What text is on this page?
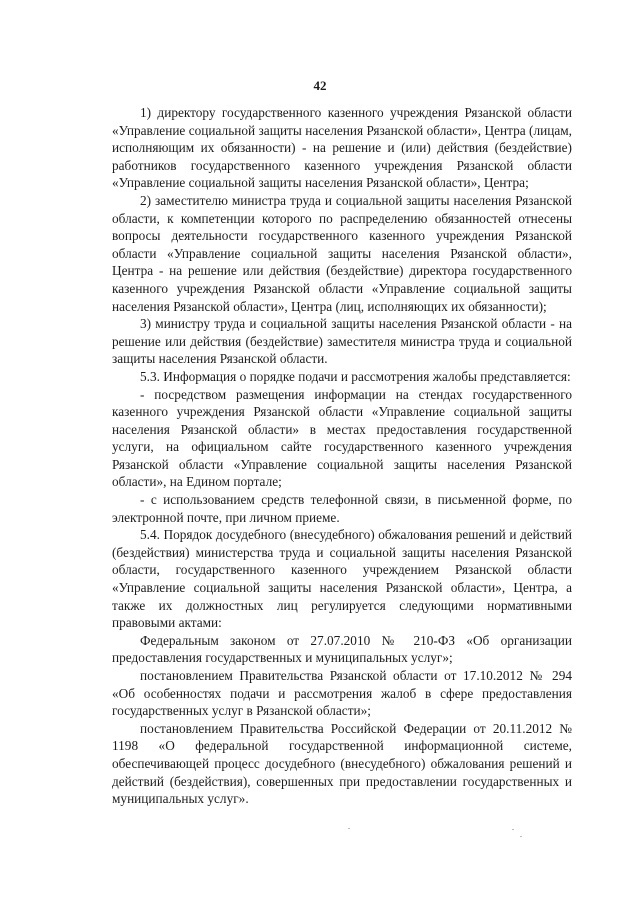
42

1) директору государственного казенного учреждения Рязанской области «Управление социальной защиты населения Рязанской области», Центра (лицам, исполняющим их обязанности) - на решение и (или) действия (бездействие) работников государственного казенного учреждения Рязанской области «Управление социальной защиты населения Рязанской области», Центра;

2) заместителю министра труда и социальной защиты населения Рязанской области, к компетенции которого по распределению обязанностей отнесены вопросы деятельности государственного казенного учреждения Рязанской области «Управление социальной защиты населения Рязанской области», Центра - на решение или действия (бездействие) директора государственного казенного учреждения Рязанской области «Управление социальной защиты населения Рязанской области», Центра (лиц, исполняющих их обязанности);

3) министру труда и социальной защиты населения Рязанской области - на решение или действия (бездействие) заместителя министра труда и социальной защиты населения Рязанской области.

5.3. Информация о порядке подачи и рассмотрения жалобы представляется:

- посредством размещения информации на стендах государственного казенного учреждения Рязанской области «Управление социальной защиты населения Рязанской области» в местах предоставления государственной услуги, на официальном сайте государственного казенного учреждения Рязанской области «Управление социальной защиты населения Рязанской области», на Едином портале;

- с использованием средств телефонной связи, в письменной форме, по электронной почте, при личном приеме.

5.4. Порядок досудебного (внесудебного) обжалования решений и действий (бездействия) министерства труда и социальной защиты населения Рязанской области, государственного казенного учреждением Рязанской области «Управление социальной защиты населения Рязанской области», Центра, а также их должностных лиц регулируется следующими нормативными правовыми актами:

Федеральным законом от 27.07.2010 № 210-ФЗ «Об организации предоставления государственных и муниципальных услуг»;

постановлением Правительства Рязанской области от 17.10.2012 № 294 «Об особенностях подачи и рассмотрения жалоб в сфере предоставления государственных услуг в Рязанской области»;

постановлением Правительства Российской Федерации от 20.11.2012 № 1198 «О федеральной государственной информационной системе, обеспечивающей процесс досудебного (внесудебного) обжалования решений и действий (бездействия), совершенных при предоставлении государственных и муниципальных услуг».
